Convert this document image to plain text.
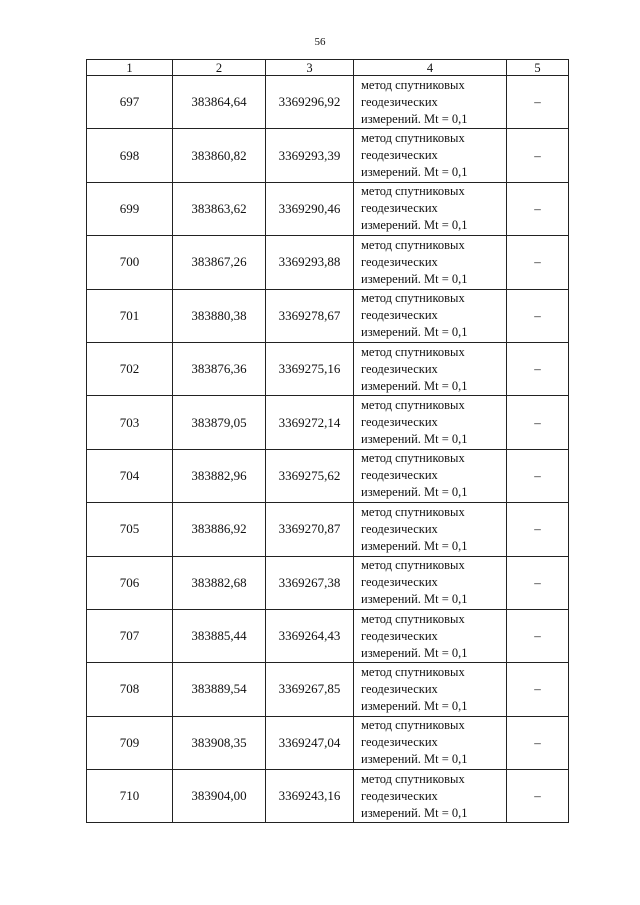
56
1	2	3	4	5
697	383864,64	3369296,92	метод спутниковых
геодезических
измерений. Mt = 0,1	–
698	383860,82	3369293,39	метод спутниковых
геодезических
измерений. Mt = 0,1	–
699	383863,62	3369290,46	метод спутниковых
геодезических
измерений. Mt = 0,1	–
700	383867,26	3369293,88	метод спутниковых
геодезических
измерений. Mt = 0,1	–
701	383880,38	3369278,67	метод спутниковых
геодезических
измерений. Mt = 0,1	–
702	383876,36	3369275,16	метод спутниковых
геодезических
измерений. Mt = 0,1	–
703	383879,05	3369272,14	метод спутниковых
геодезических
измерений. Mt = 0,1	–
704	383882,96	3369275,62	метод спутниковых
геодезических
измерений. Mt = 0,1	–
705	383886,92	3369270,87	метод спутниковых
геодезических
измерений. Mt = 0,1	–
706	383882,68	3369267,38	метод спутниковых
геодезических
измерений. Mt = 0,1	–
707	383885,44	3369264,43	метод спутниковых
геодезических
измерений. Mt = 0,1	–
708	383889,54	3369267,85	метод спутниковых
геодезических
измерений. Mt = 0,1	–
709	383908,35	3369247,04	метод спутниковых
геодезических
измерений. Mt = 0,1	–
710	383904,00	3369243,16	метод спутниковых
геодезических
измерений. Mt = 0,1	–
